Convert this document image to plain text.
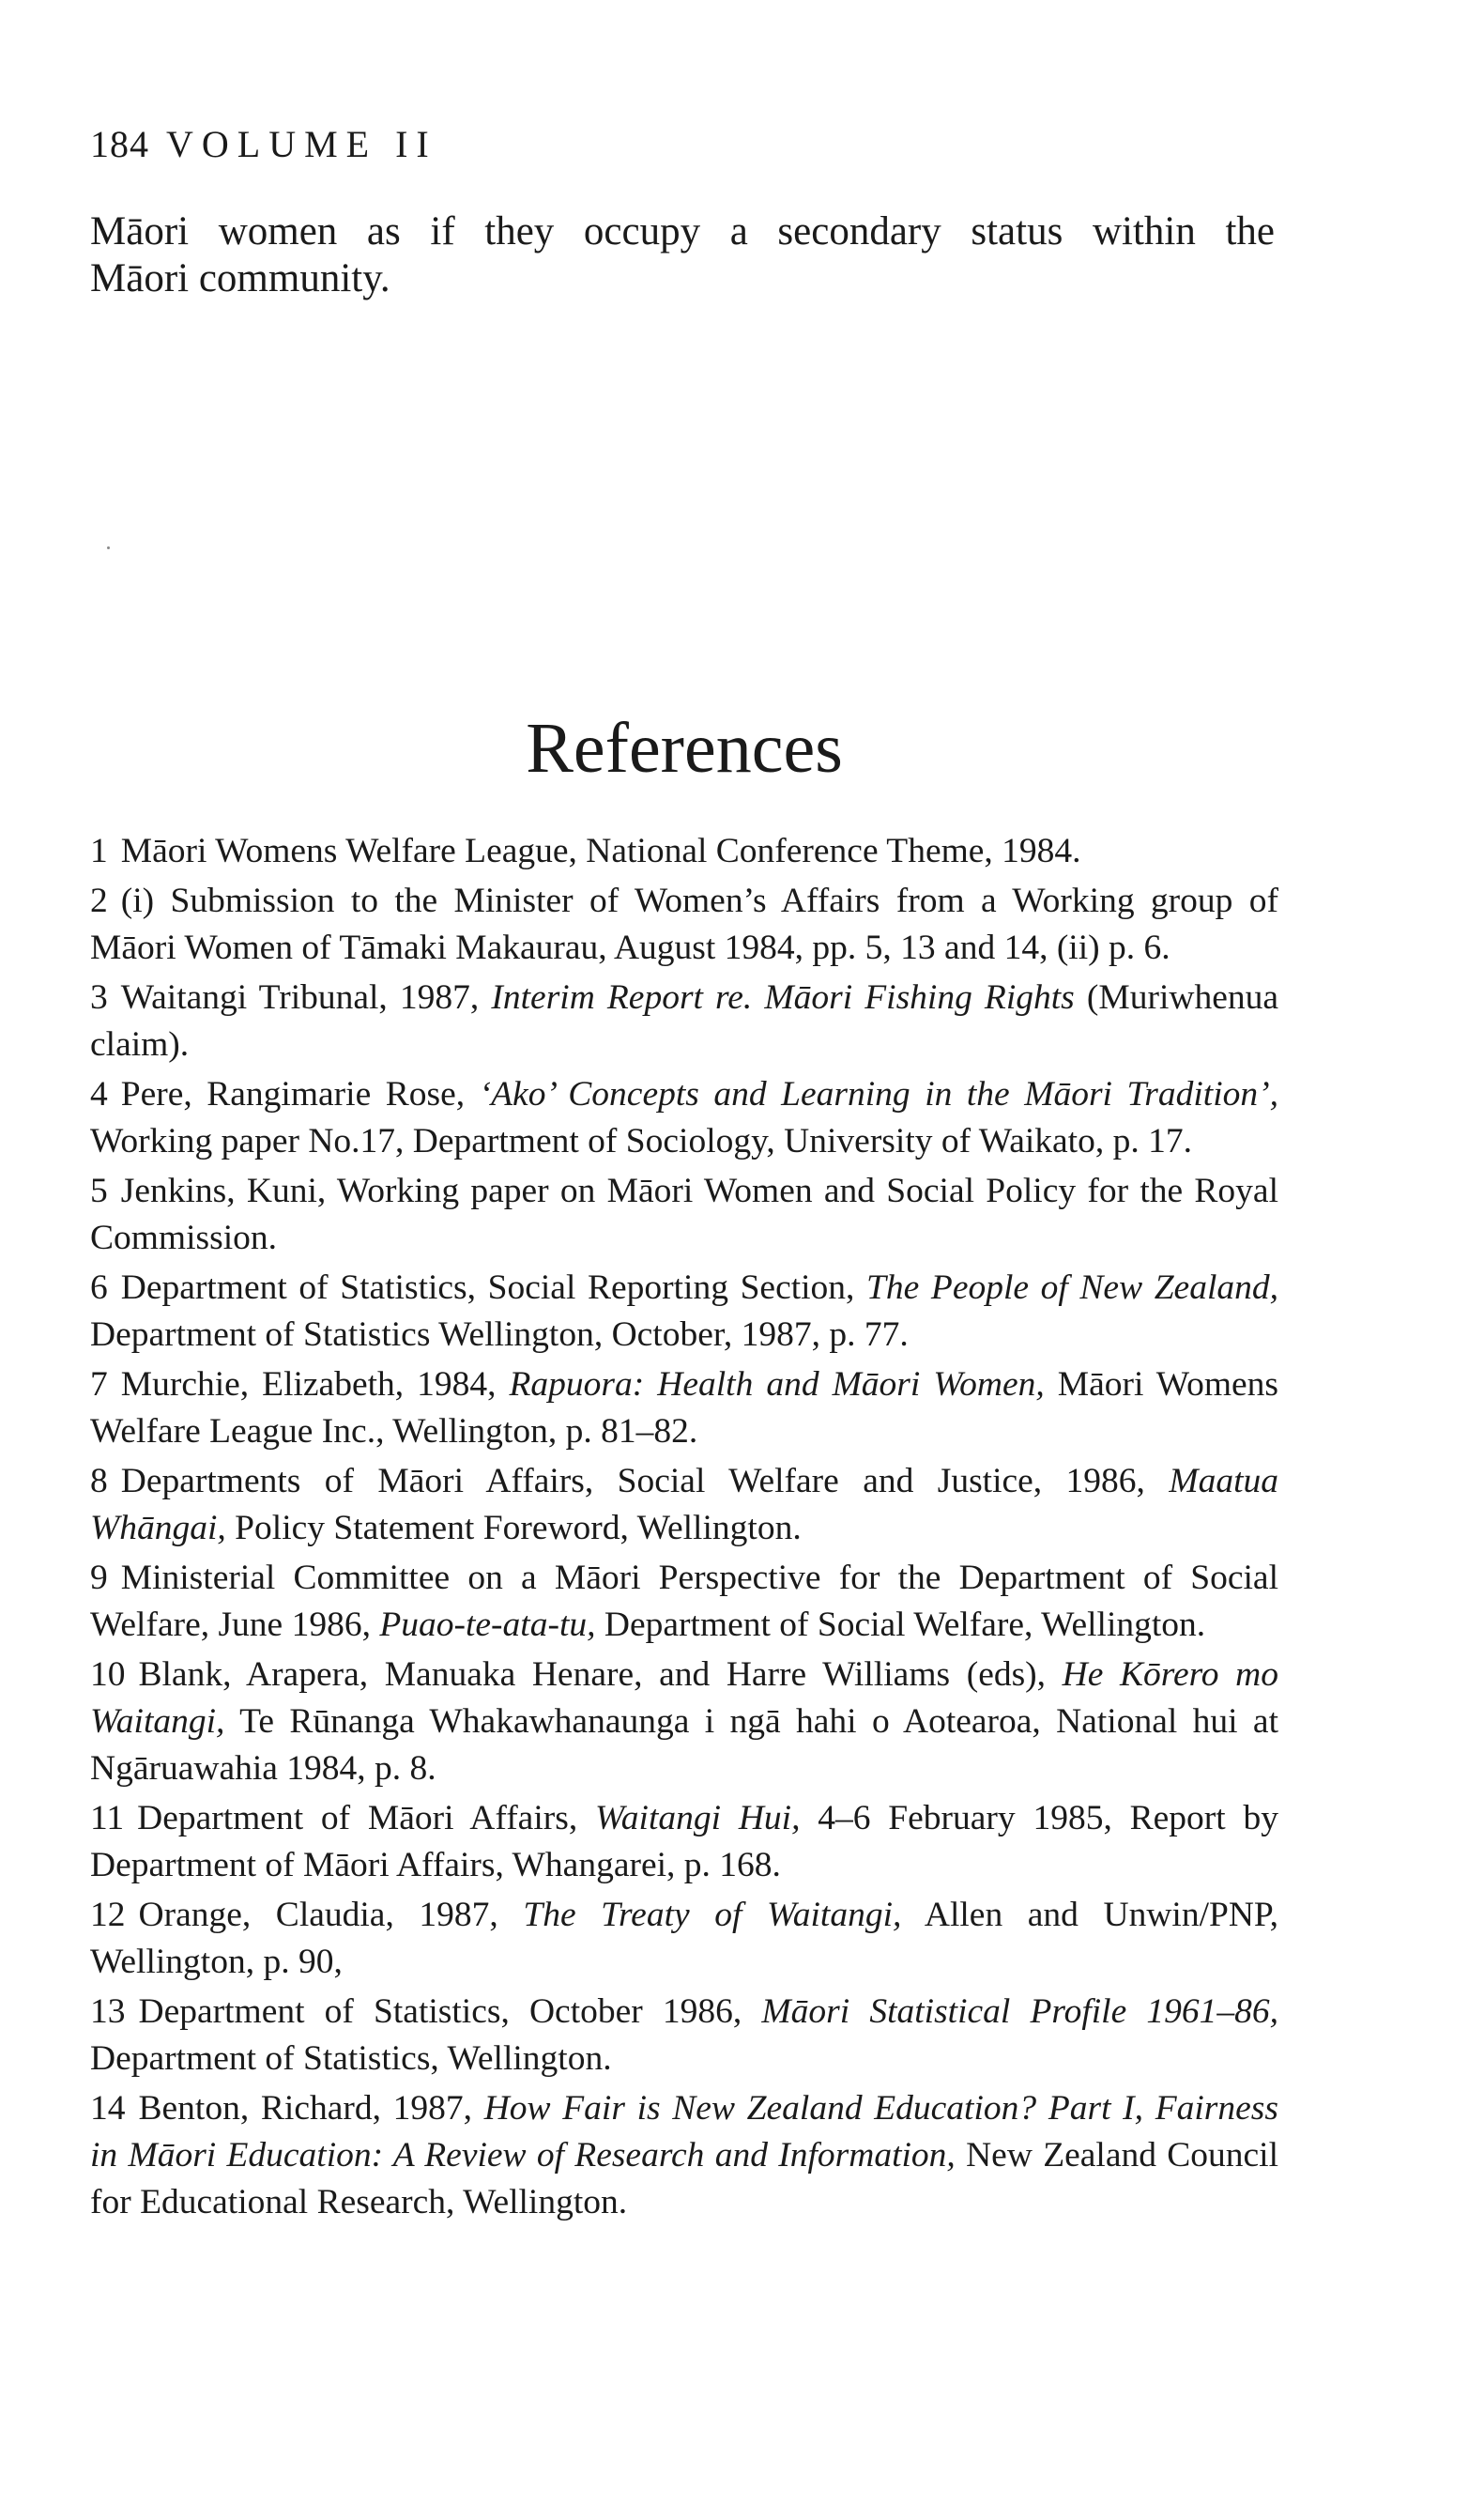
184 VOLUME II

Māori women as if they occupy a secondary status within the
Māori community.

References
1 Māori Womens Welfare League, National Conference Theme, 1984.
2 (i) Submission to the Minister of Women’s Affairs from a Working group of Māori Women of Tāmaki Makaurau, August 1984, pp. 5, 13 and 14, (ii) p. 6.
3 Waitangi Tribunal, 1987, Interim Report re. Māori Fishing Rights (Muriwhenua claim).
4 Pere, Rangimarie Rose, ‘Ako’ Concepts and Learning in the Māori Tradition’, Working paper No.17, Department of Sociology, University of Waikato, p. 17.
5 Jenkins, Kuni, Working paper on Māori Women and Social Policy for the Royal Commission.
6 Department of Statistics, Social Reporting Section, The People of New Zealand, Department of Statistics Wellington, October, 1987, p. 77.
7 Murchie, Elizabeth, 1984, Rapuora: Health and Māori Women, Māori Womens Welfare League Inc., Wellington, p. 81–82.
8 Departments of Māori Affairs, Social Welfare and Justice, 1986, Maatua Whāngai, Policy Statement Foreword, Wellington.
9 Ministerial Committee on a Māori Perspective for the Department of Social Welfare, June 1986, Puao-te-ata-tu, Department of Social Welfare, Wellington.
10 Blank, Arapera, Manuaka Henare, and Harre Williams (eds), He Kōrero mo Waitangi, Te Rūnanga Whakawhanaunga i ngā hahi o Aotearoa, National hui at Ngāruawahia 1984, p. 8.
11 Department of Māori Affairs, Waitangi Hui, 4–6 February 1985, Report by Department of Māori Affairs, Whangarei, p. 168.
12 Orange, Claudia, 1987, The Treaty of Waitangi, Allen and Unwin/PNP, Wellington, p. 90,
13 Department of Statistics, October 1986, Māori Statistical Profile 1961–86, Department of Statistics, Wellington.
14 Benton, Richard, 1987, How Fair is New Zealand Education? Part I, Fairness in Māori Education: A Review of Research and Information, New Zealand Council for Educational Research, Wellington.
